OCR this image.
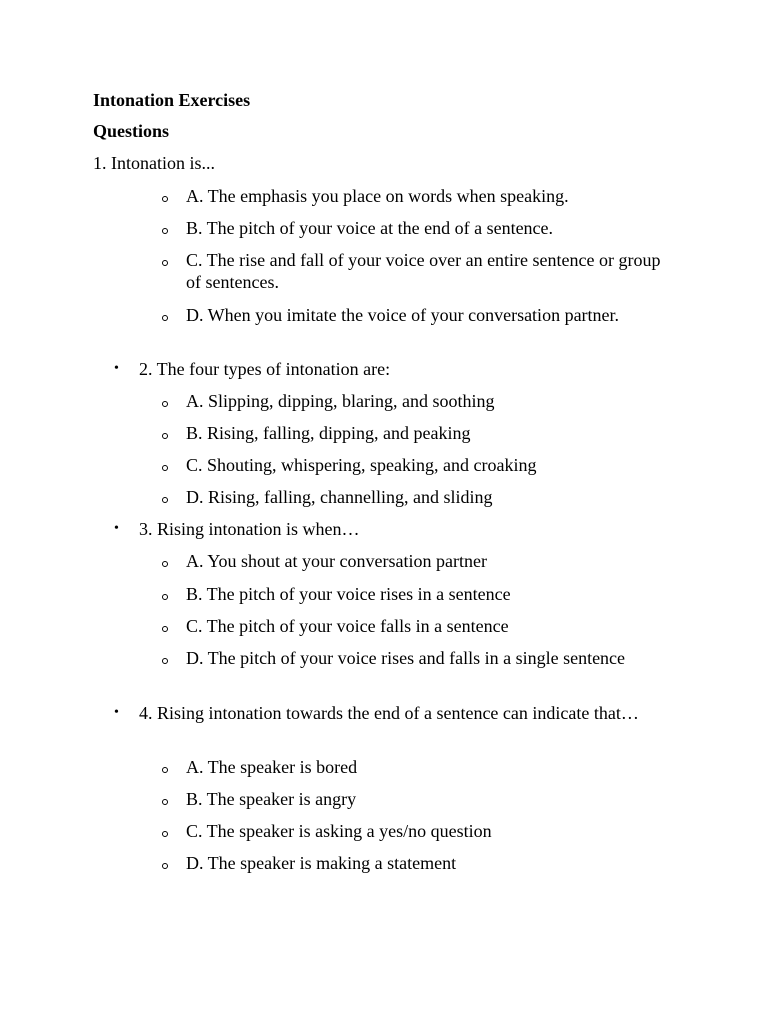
Intonation Exercises
Questions
1. Intonation is...
A. The emphasis you place on words when speaking.
B. The pitch of your voice at the end of a sentence.
C. The rise and fall of your voice over an entire sentence or group of sentences.
D. When you imitate the voice of your conversation partner.
• 2. The four types of intonation are:
A. Slipping, dipping, blaring, and soothing
B. Rising, falling, dipping, and peaking
C. Shouting, whispering, speaking, and croaking
D. Rising, falling, channelling, and sliding
• 3. Rising intonation is when…
A. You shout at your conversation partner
B. The pitch of your voice rises in a sentence
C. The pitch of your voice falls in a sentence
D. The pitch of your voice rises and falls in a single sentence
• 4. Rising intonation towards the end of a sentence can indicate that…
A. The speaker is bored
B. The speaker is angry
C. The speaker is asking a yes/no question
D. The speaker is making a statement
